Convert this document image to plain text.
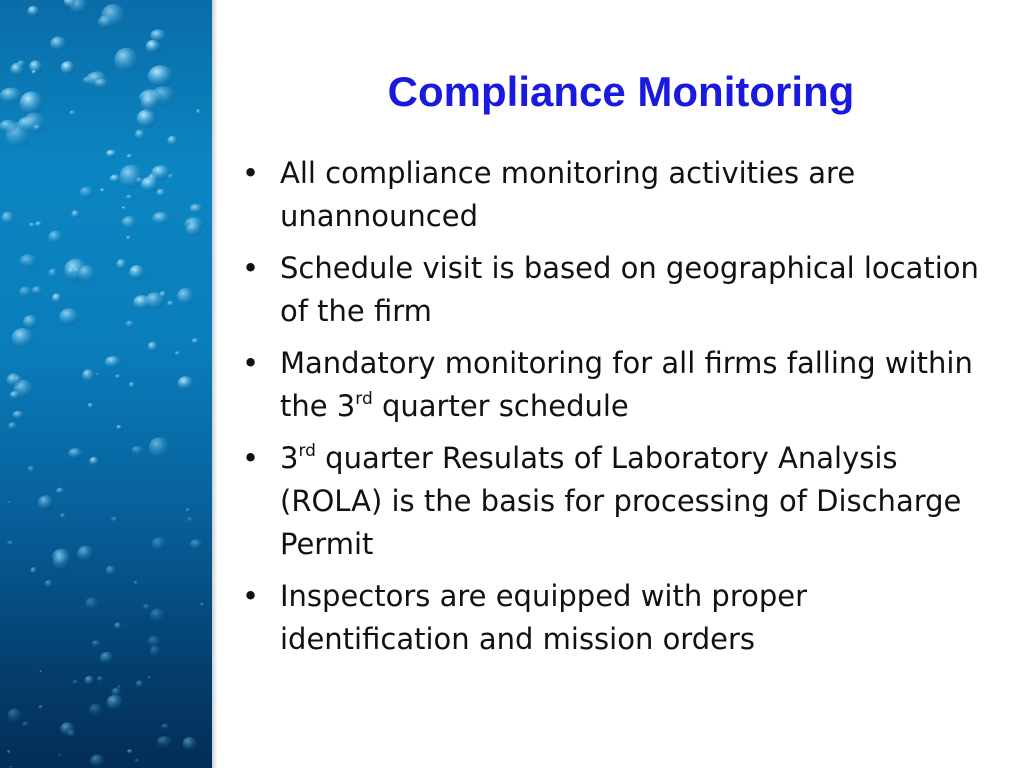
Compliance Monitoring
• All compliance monitoring activities are unannounced
• Schedule visit is based on geographical location of the firm
• Mandatory monitoring for all firms falling within the 3rd quarter schedule
• 3rd quarter Resulats of Laboratory Analysis (ROLA) is the basis for processing of Discharge Permit
• Inspectors are equipped with proper identification and mission orders
